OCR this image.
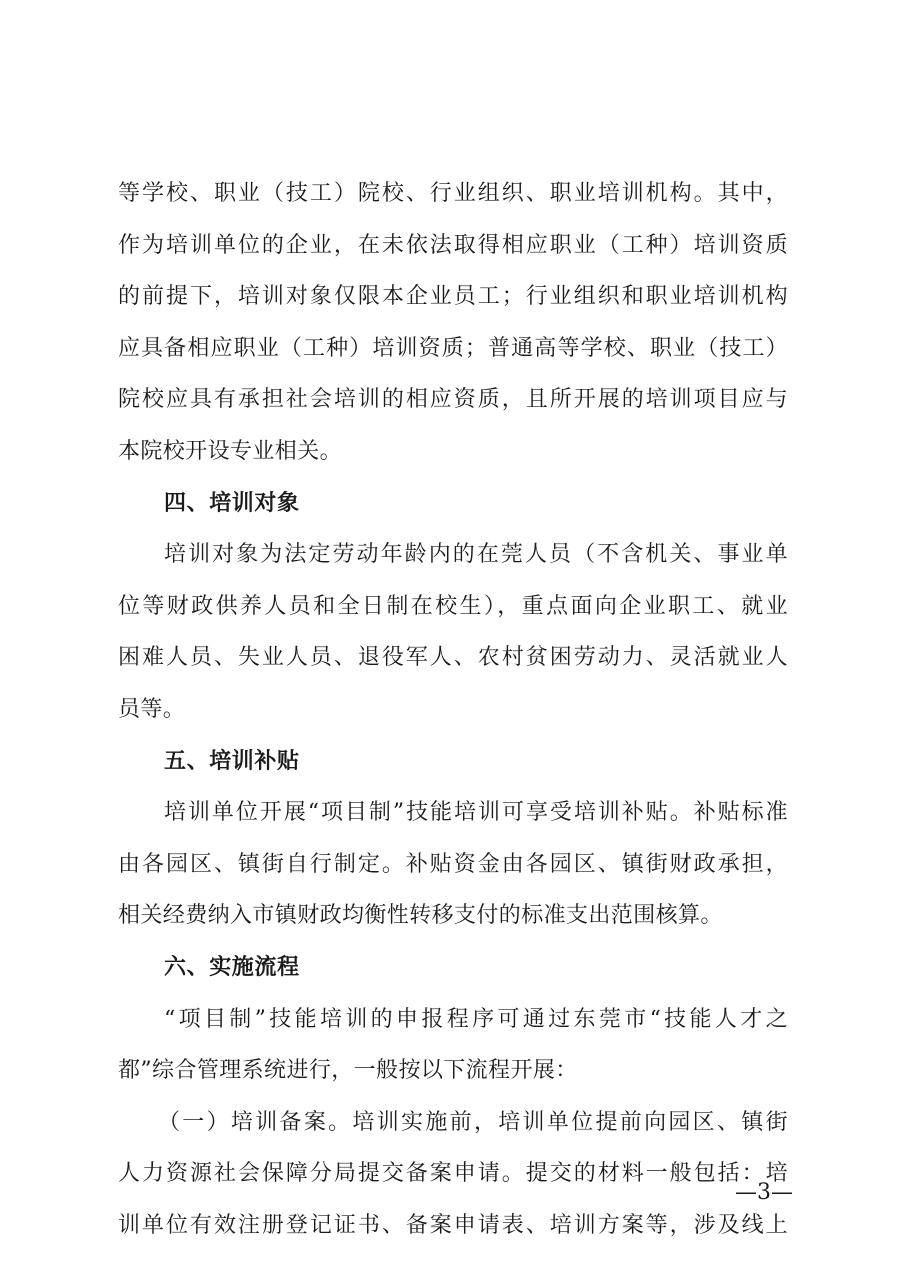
等学校、职业（技工）院校、行业组织、职业培训机构。其中，
作为培训单位的企业，在未依法取得相应职业（工种）培训资质
的前提下，培训对象仅限本企业员工；行业组织和职业培训机构
应具备相应职业（工种）培训资质；普通高等学校、职业（技工）
院校应具有承担社会培训的相应资质，且所开展的培训项目应与
本院校开设专业相关。
四、培训对象
培训对象为法定劳动年龄内的在莞人员（不含机关、事业单
位等财政供养人员和全日制在校生），重点面向企业职工、就业
困难人员、失业人员、退役军人、农村贫困劳动力、灵活就业人
员等。
五、培训补贴
培训单位开展“项目制”技能培训可享受培训补贴。补贴标准
由各园区、镇街自行制定。补贴资金由各园区、镇街财政承担，
相关经费纳入市镇财政均衡性转移支付的标准支出范围核算。
六、实施流程
“项目制”技能培训的申报程序可通过东莞市“技能人才之
都”综合管理系统进行，一般按以下流程开展：
（一）培训备案。培训实施前，培训单位提前向园区、镇街
人力资源社会保障分局提交备案申请。提交的材料一般包括：培
训单位有效注册登记证书、备案申请表、培训方案等，涉及线上
—3—
